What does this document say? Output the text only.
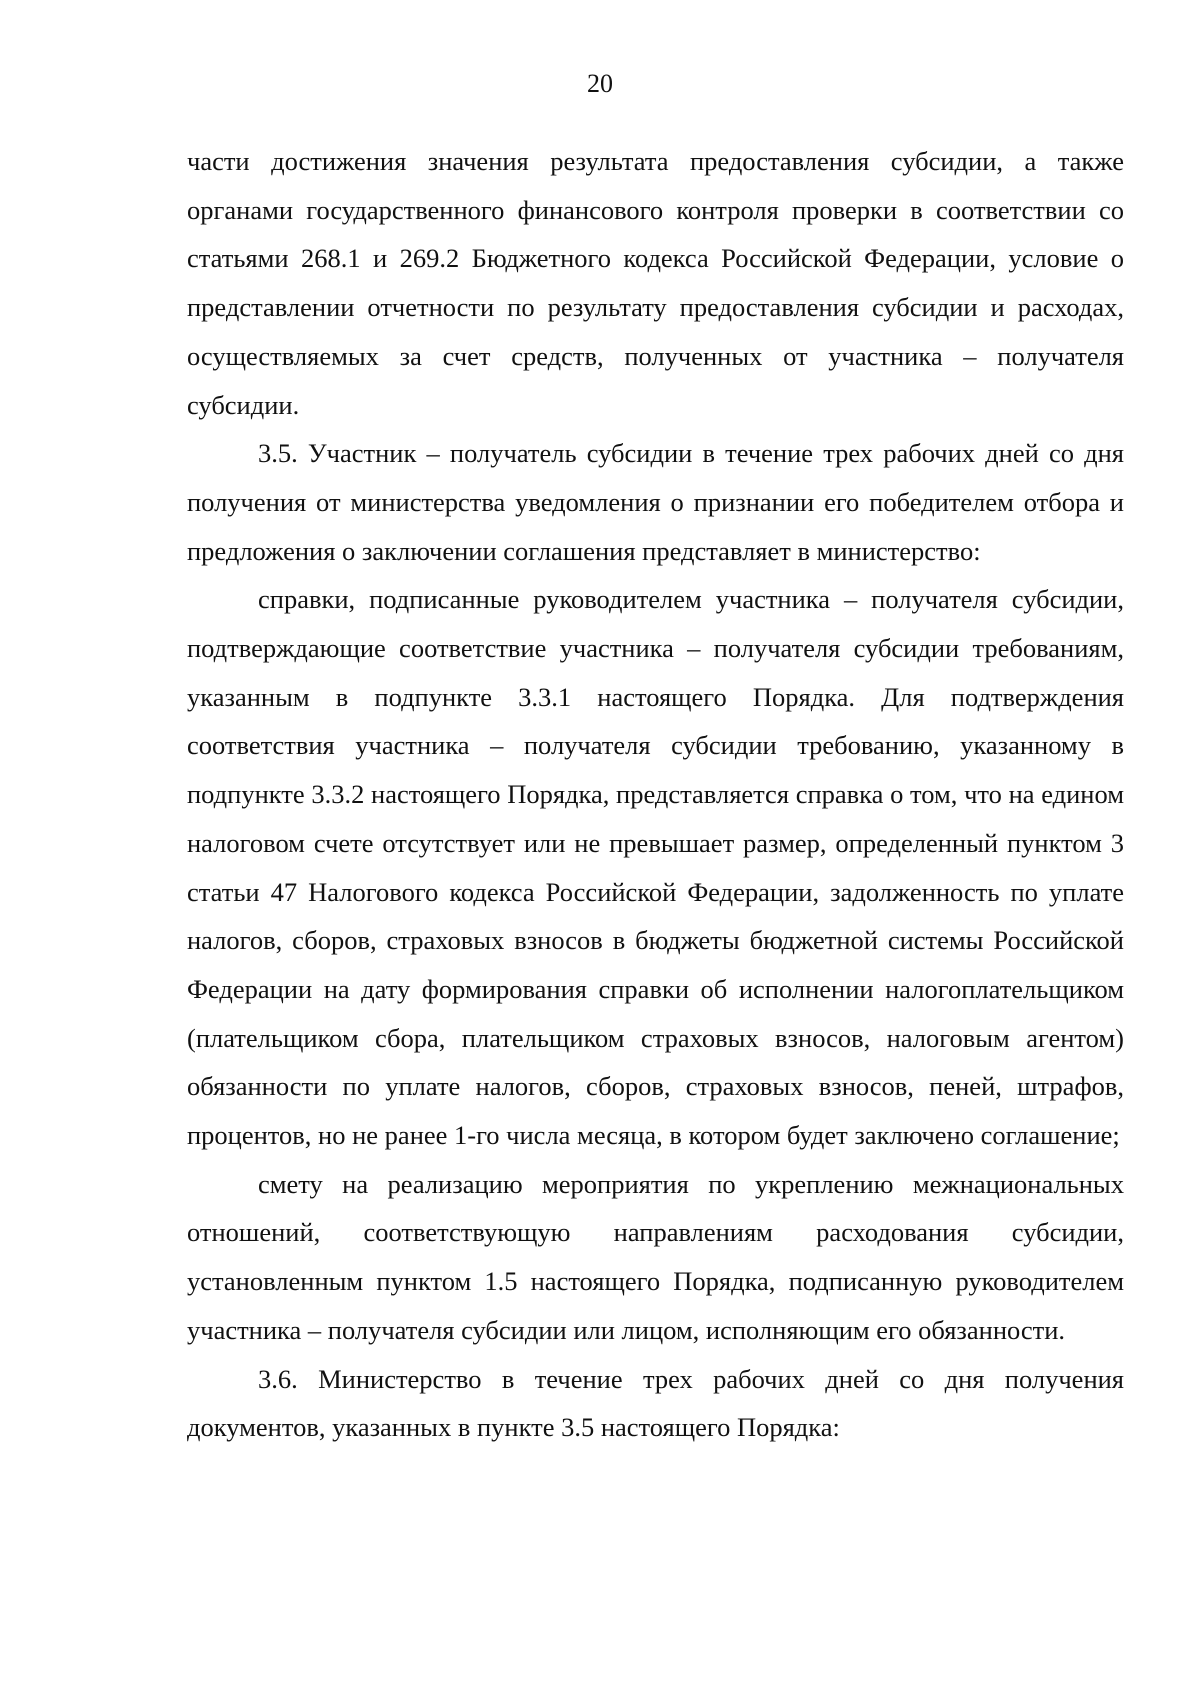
20

части достижения значения результата предоставления субсидии, а также органами государственного финансового контроля проверки в соответствии со статьями 268.1 и 269.2 Бюджетного кодекса Российской Федерации, условие о представлении отчетности по результату предоставления субсидии и расходах, осуществляемых за счет средств, полученных от участника – получателя субсидии.

3.5. Участник – получатель субсидии в течение трех рабочих дней со дня получения от министерства уведомления о признании его победителем отбора и предложения о заключении соглашения представляет в министерство:

справки, подписанные руководителем участника – получателя субсидии, подтверждающие соответствие участника – получателя субсидии требованиям, указанным в подпункте 3.3.1 настоящего Порядка. Для подтверждения соответствия участника – получателя субсидии требованию, указанному в подпункте 3.3.2 настоящего Порядка, представляется справка о том, что на едином налоговом счете отсутствует или не превышает размер, определенный пунктом 3 статьи 47 Налогового кодекса Российской Федерации, задолженность по уплате налогов, сборов, страховых взносов в бюджеты бюджетной системы Российской Федерации на дату формирования справки об исполнении налогоплательщиком (плательщиком сбора, плательщиком страховых взносов, налоговым агентом) обязанности по уплате налогов, сборов, страховых взносов, пеней, штрафов, процентов, но не ранее 1-го числа месяца, в котором будет заключено соглашение;

смету на реализацию мероприятия по укреплению межнациональных отношений, соответствующую направлениям расходования субсидии, установленным пунктом 1.5 настоящего Порядка, подписанную руководителем участника – получателя субсидии или лицом, исполняющим его обязанности.

3.6. Министерство в течение трех рабочих дней со дня получения документов, указанных в пункте 3.5 настоящего Порядка:
